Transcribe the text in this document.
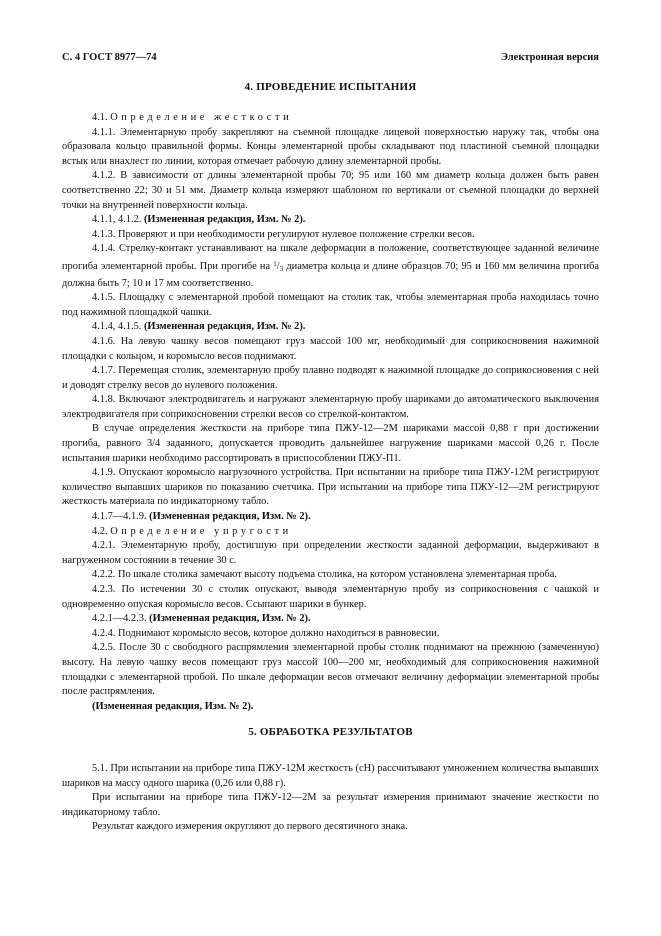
С. 4 ГОСТ 8977—74	Электронная версия
4. ПРОВЕДЕНИЕ ИСПЫТАНИЯ

4.1. Определение жесткости

4.1.1. Элементарную пробу закрепляют на съемной площадке лицевой поверхностью наружу так, чтобы она образовала кольцо правильной формы. Концы элементарной пробы складывают под пластиной съемной площадки встык или внахлест по линии, которая отмечает рабочую длину элементарной пробы.

4.1.2. В зависимости от длины элементарной пробы 70; 95 или 160 мм диаметр кольца должен быть равен соответственно 22; 30 и 51 мм. Диаметр кольца измеряют шаблоном по вертикали от съемной площадки до верхней точки на внутренней поверхности кольца.

4.1.1, 4.1.2. (Измененная редакция, Изм. № 2).

4.1.3. Проверяют и при необходимости регулируют нулевое положение стрелки весов.

4.1.4. Стрелку-контакт устанавливают на шкале деформации в положение, соответствующее заданной величине прогиба элементарной пробы. При прогибе на $^1$/3 диаметра кольца и длине образцов 70; 95 и 160 мм величина прогиба должна быть 7; 10 и 17 мм соответственно.

4.1.5. Площадку с элементарной пробой помещают на столик так, чтобы элементарная проба находилась точно под нажимной площадкой чашки.

4.1.4, 4.1.5. (Измененная редакция, Изм. № 2).

4.1.6. На левую чашку весов помещают груз массой 100 мг, необходимый для соприкосновения нажимной площадки с кольцом, и коромысло весов поднимают.

4.1.7. Перемещая столик, элементарную пробу плавно подводят к нажимной площадке до соприкосновения с ней и доводят стрелку весов до нулевого положения.

4.1.8. Включают электродвигатель и нагружают элементарную пробу шариками до автоматического выключения электродвигателя при соприкосновении стрелки весов со стрелкой-контактом.

В случае определения жесткости на приборе типа ПЖУ-12—2М шариками массой 0,88 г при достижении прогиба, равного 3/4 заданного, допускается проводить дальнейшее нагружение шариками массой 0,26 г. После испытания шарики необходимо рассортировать в приспособлении ПЖУ-П1.

4.1.9. Опускают коромысло нагрузочного устройства. При испытании на приборе типа ПЖУ-12М регистрируют количество выпавших шариков по показанию счетчика. При испытании на приборе типа ПЖУ-12—2М регистрируют жесткость материала по индикаторному табло.

4.1.7—4.1.9. (Измененная редакция, Изм. № 2).

4.2. Определение упругости

4.2.1. Элементарную пробу, достигшую при определении жесткости заданной деформации, выдерживают в нагруженном состоянии в течение 30 с.

4.2.2. По шкале столика замечают высоту подъема столика, на котором установлена элементарная проба.

4.2.3. По истечении 30 с столик опускают, выводя элементарную пробу из соприкосновения с чашкой и одновременно опуская коромысло весов. Ссыпают шарики в бункер.

4.2.1—4.2.3. (Измененная редакция, Изм. № 2).

4.2.4. Поднимают коромысло весов, которое должно находиться в равновесии.

4.2.5. После 30 с свободного распрямления элементарной пробы столик поднимают на прежнюю (замеченную) высоту. На левую чашку весов помещают груз массой 100—200 мг, необходимый для соприкосновения нажимной площадки с элементарной пробой. По шкале деформации весов отмечают величину деформации элементарной пробы после распрямления.

(Измененная редакция, Изм. № 2).

5. ОБРАБОТКА РЕЗУЛЬТАТОВ

5.1. При испытании на приборе типа ПЖУ-12М жесткость (сН) рассчитывают умножением количества выпавших шариков на массу одного шарика (0,26 или 0,88 г).

При испытании на приборе типа ПЖУ-12—2М за результат измерения принимают значение жесткости по индикаторному табло.

Результат каждого измерения округляют до первого десятичного знака.
